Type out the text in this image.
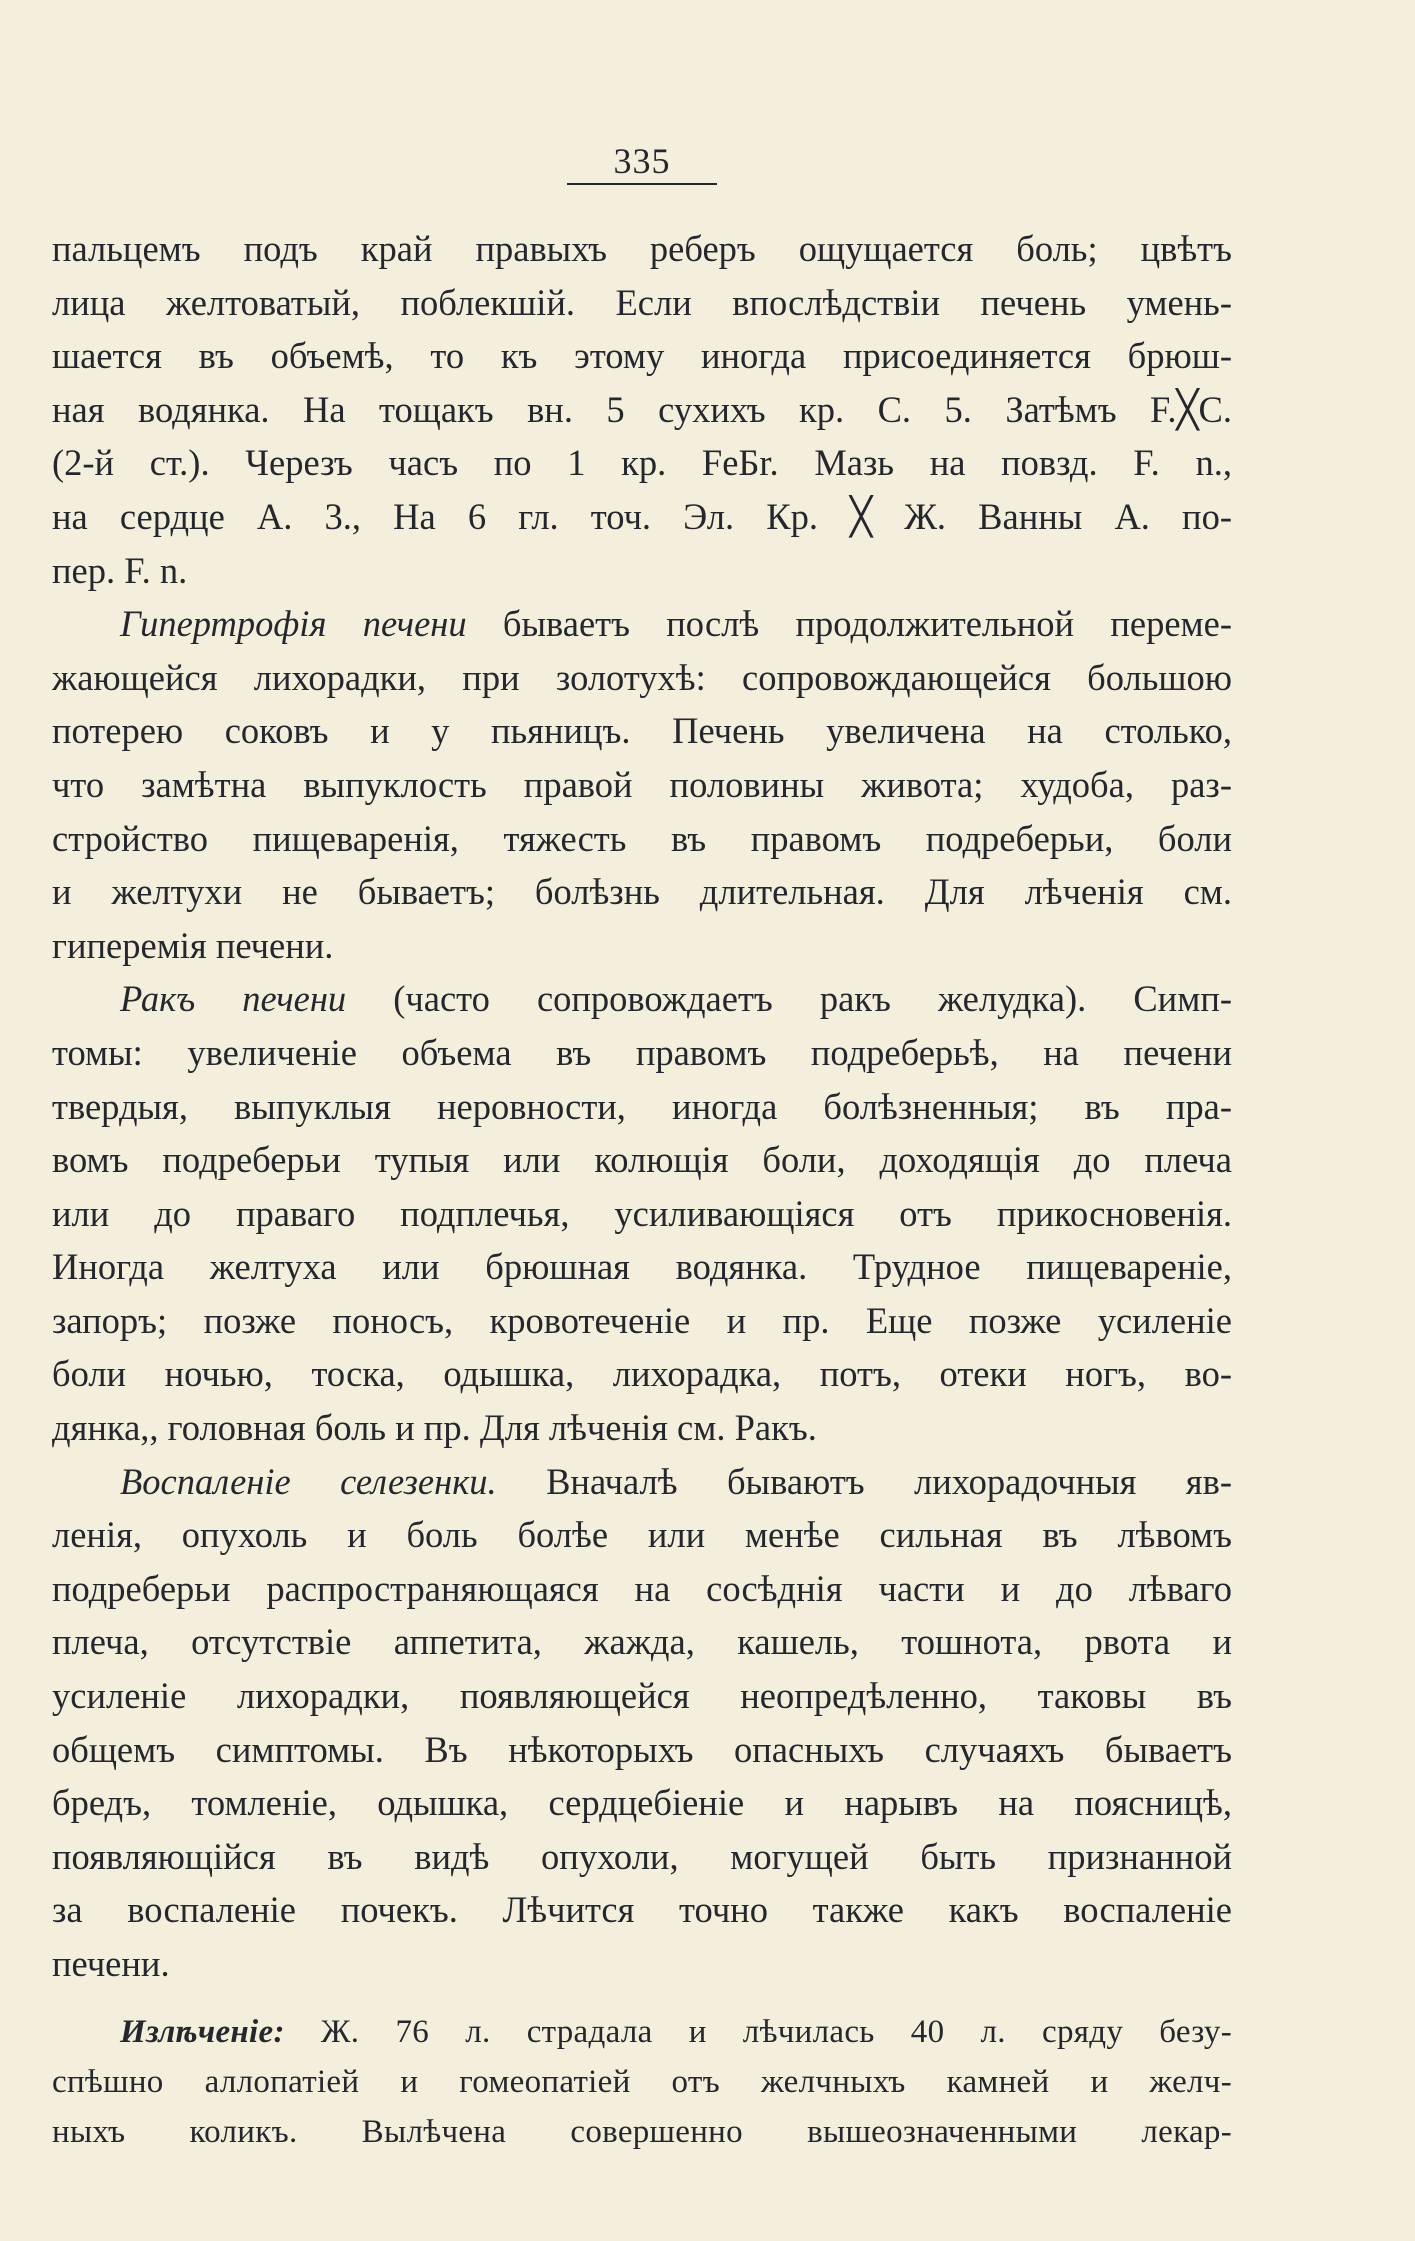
335
пальцемъ подъ край правыхъ реберъ ощущается боль; цвѣтъ
лица желтоватый, поблекшій. Если впослѣдствіи печень умень-
шается въ объемѣ, то къ этому иногда присоединяется брюш-
ная водянка. На тощакъ вн. 5 сухихъ кр. С. 5. Затѣмъ F.╳С.
(2-й ст.). Черезъ часъ по 1 кр. FeБr. Мазь на повзд. F. n.,
на сердце А. 3., На 6 гл. точ. Эл. Кр. ╳ Ж. Ванны А. по-
пер. F. n.
Гипертрофія печени бываетъ послѣ продолжительной переме-
жающейся лихорадки, при золотухѣ: сопровождающейся большою
потерею соковъ и у пьяницъ. Печень увеличена на столько,
что замѣтна выпуклость правой половины живота; худоба, раз-
стройство пищеваренія, тяжесть въ правомъ подреберьи, боли
и желтухи не бываетъ; болѣзнь длительная. Для лѣченія см.
гиперемія печени.
Ракъ печени (часто сопровождаетъ ракъ желудка). Симп-
томы: увеличеніе объема въ правомъ подреберьѣ, на печени
твердыя, выпуклыя неровности, иногда болѣзненныя; въ пра-
вомъ подреберьи тупыя или колющія боли, доходящія до плеча
или до праваго подплечья, усиливающіяся отъ прикосновенія.
Иногда желтуха или брюшная водянка. Трудное пищевареніе,
запоръ; позже поносъ, кровотеченіе и пр. Еще позже усиленіе
боли ночью, тоска, одышка, лихорадка, потъ, отеки ногъ, во-
дянка,, головная боль и пр. Для лѣченія см. Ракъ.
Воспаленіе селезенки. Вначалѣ бываютъ лихорадочныя яв-
ленія, опухоль и боль болѣе или менѣе сильная въ лѣвомъ
подреберьи распространяющаяся на сосѣднія части и до лѣваго
плеча, отсутствіе аппетита, жажда, кашель, тошнота, рвота и
усиленіе лихорадки, появляющейся неопредѣленно, таковы въ
общемъ симптомы. Въ нѣкоторыхъ опасныхъ случаяхъ бываетъ
бредъ, томленіе, одышка, сердцебіеніе и нарывъ на поясницѣ,
появляющійся въ видѣ опухоли, могущей быть признанной
за воспаленіе почекъ. Лѣчится точно также какъ воспаленіе
печени.
Излѣченіе: Ж. 76 л. страдала и лѣчилась 40 л. сряду безу-
спѣшно аллопатіей и гомеопатіей отъ желчныхъ камней и желч-
ныхъ коликъ. Вылѣчена совершенно вышеозначенными лекар-
